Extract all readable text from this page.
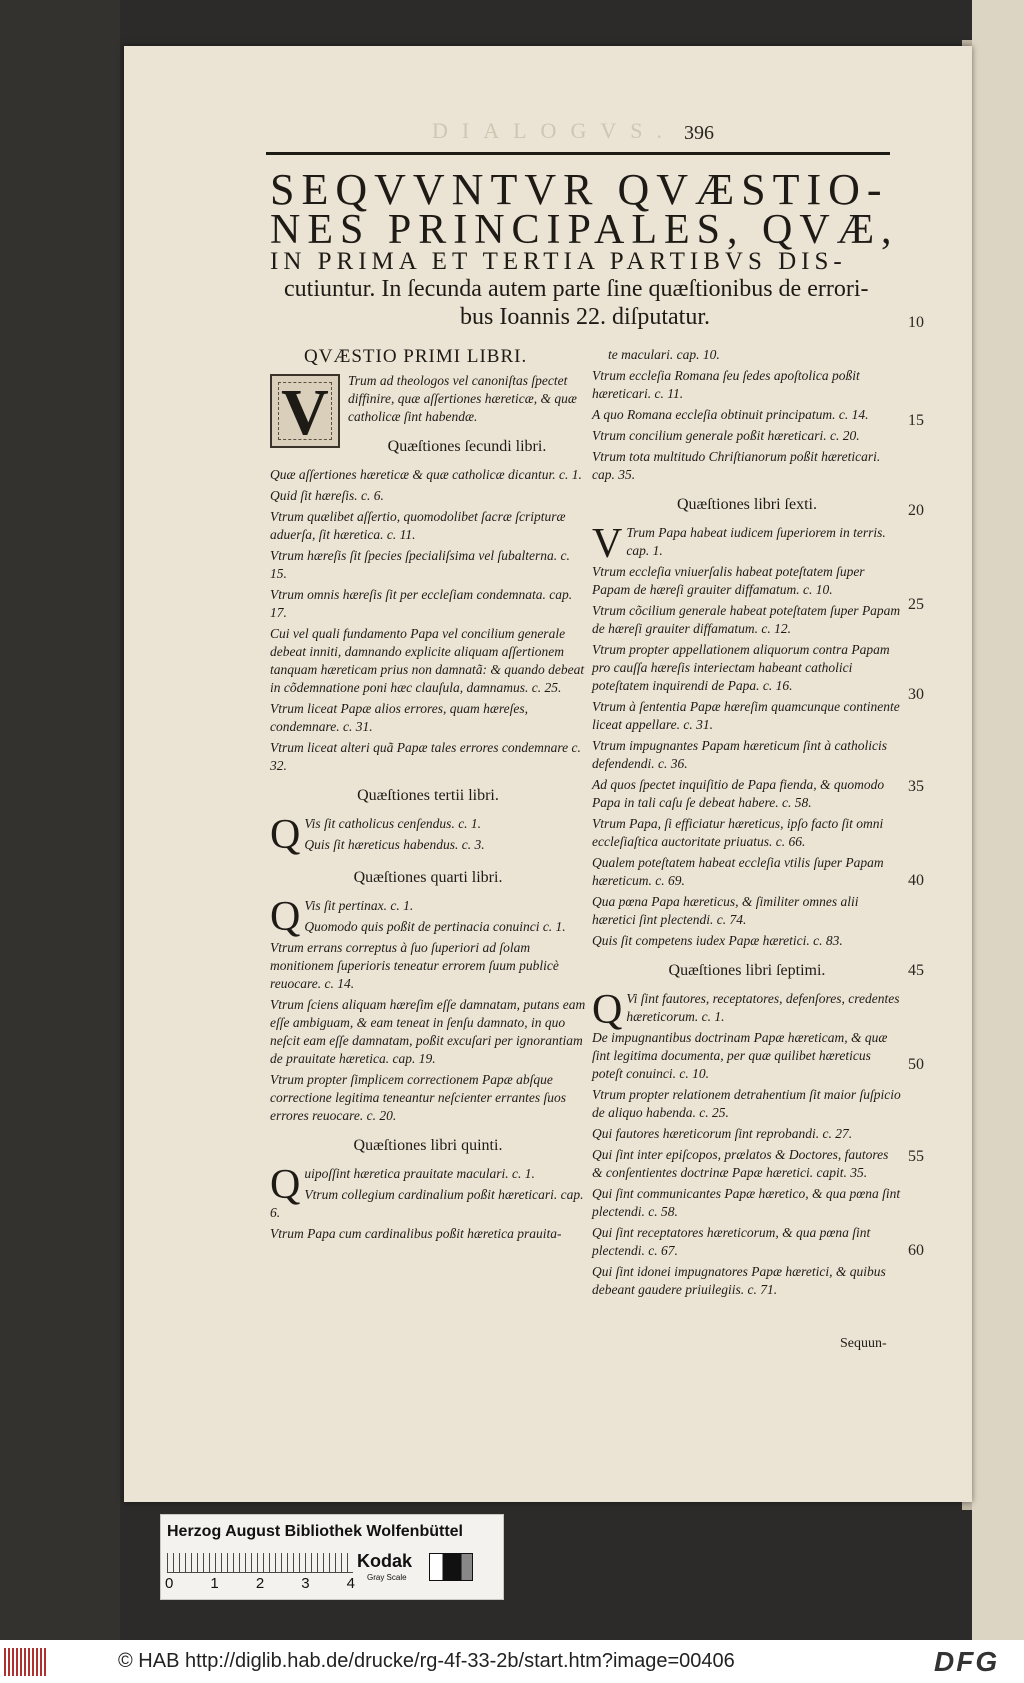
DIALOGVS. 396
SEQVVNTVR QVÆSTIO-
NES PRINCIPALES, QVÆ,
IN PRIMA ET TERTIA PARTIBVS DIS-
cutiuntur. In ſecunda autem parte ſine quæſtionibus de errori-
bus Ioannis 22. diſputatur.	10
15
20
25
30
35
40
45
50
55
60
QVÆSTIO PRIMI LIBRI.
V	Trum ad theologos vel canoniſtas ſpectet diffinire, quæ aſſertiones hæreticæ, & quæ catholicæ ſint habendæ.
Quæſtiones ſecundi libri.
Quæ aſſertiones hæreticæ & quæ catholicæ dicantur. c. 1.
Quid ſit hæreſis. c. 6.
Vtrum quælibet aſſertio, quomodolibet ſacræ ſcripturæ aduerſa, ſit hæretica. c. 11.
Vtrum hæreſis ſit ſpecies ſpecialiſsima vel ſubalterna. c. 15.
Vtrum omnis hæreſis ſit per eccleſiam condemnata. cap. 17.
Cui vel quali fundamento Papa vel concilium generale debeat inniti, damnando explicite aliquam aſſertionem tanquam hæreticam prius non damnatã: & quando debeat in cõdemnatione poni hæc clauſula, damnamus. c. 25.
Vtrum liceat Papæ alios errores, quam hæreſes, condemnare. c. 31.
Vtrum liceat alteri quã Papæ tales errores condemnare c. 32.
Quæſtiones tertii libri.
Q Vis ſit catholicus cenſendus. c. 1.
Quis ſit hæreticus habendus. c. 3.
Quæſtiones quarti libri.
Q Vis ſit pertinax. c. 1.
Quomodo quis poßit de pertinacia conuinci c. 1.
Vtrum errans correptus à ſuo ſuperiori ad ſolam monitionem ſuperioris teneatur errorem ſuum publicè reuocare. c. 14.
Vtrum ſciens aliquam hæreſim eſſe damnatam, putans eam eſſe ambiguam, & eam teneat in ſenſu damnato, in quo neſcit eam eſſe damnatam, poßit excuſari per ignorantiam de prauitate hæretica. cap. 19.
Vtrum propter ſimplicem correctionem Papæ abſque correctione legitima teneantur neſcienter errantes ſuos errores reuocare. c. 20.
Quæſtiones libri quinti.
Q uipoſſint hæretica prauitate maculari. c. 1.
Vtrum collegium cardinalium poßit hæreticari. cap. 6.
Vtrum Papa cum cardinalibus poßit hæretica prauita-
te maculari. cap. 10.
Vtrum eccleſia Romana ſeu ſedes apoſtolica poßit hæreticari. c. 11.
A quo Romana eccleſia obtinuit principatum. c. 14.
Vtrum concilium generale poßit hæreticari. c. 20.
Vtrum tota multitudo Chriſtianorum poßit hæreticari. cap. 35.
Quæſtiones libri ſexti.
V Trum Papa habeat iudicem ſuperiorem in terris. cap. 1.
Vtrum eccleſia vniuerſalis habeat poteſtatem ſuper Papam de hæreſi grauiter diffamatum. c. 10.
Vtrum cõcilium generale habeat poteſtatem ſuper Papam de hæreſi grauiter diffamatum. c. 12.
Vtrum propter appellationem aliquorum contra Papam pro cauſſa hæreſis interiectam habeant catholici poteſtatem inquirendi de Papa. c. 16.
Vtrum à ſententia Papæ hæreſim quamcunque continente liceat appellare. c. 31.
Vtrum impugnantes Papam hæreticum ſint à catholicis defendendi. c. 36.
Ad quos ſpectet inquiſitio de Papa fienda, & quomodo Papa in tali caſu ſe debeat habere. c. 58.
Vtrum Papa, ſi efficiatur hæreticus, ipſo facto ſit omni eccleſiaſtica auctoritate priuatus. c. 66.
Qualem poteſtatem habeat eccleſia vtilis ſuper Papam hæreticum. c. 69.
Qua pœna Papa hæreticus, & ſimiliter omnes alii hæretici ſint plectendi. c. 74.
Quis ſit competens iudex Papæ hæretici. c. 83.
Quæſtiones libri ſeptimi.
Q Vi ſint fautores, receptatores, defenſores, credentes hæreticorum. c. 1.
De impugnantibus doctrinam Papæ hæreticam, & quæ ſint legitima documenta, per quæ quilibet hæreticus poteſt conuinci. c. 10.
Vtrum propter relationem detrahentium ſit maior ſuſpicio de aliquo habenda. c. 25.
Qui fautores hæreticorum ſint reprobandi. c. 27.
Qui ſint inter epiſcopos, prælatos & Doctores, fautores & conſentientes doctrinæ Papæ hæretici. capit. 35.
Qui ſint communicantes Papæ hæretico, & qua pœna ſint plectendi. c. 58.
Qui ſint receptatores hæreticorum, & qua pœna ſint plectendi. c. 67.
Qui ſint idonei impugnatores Papæ hæretici, & quibus debeant gaudere priuilegiis. c. 71.
Sequun-
Herzog August Bibliothek Wolfenbüttel
0 1 2 3 4
Kodak
Gray Scale
© HAB http://diglib.hab.de/drucke/rg-4f-33-2b/start.htm?image=00406	DFG
